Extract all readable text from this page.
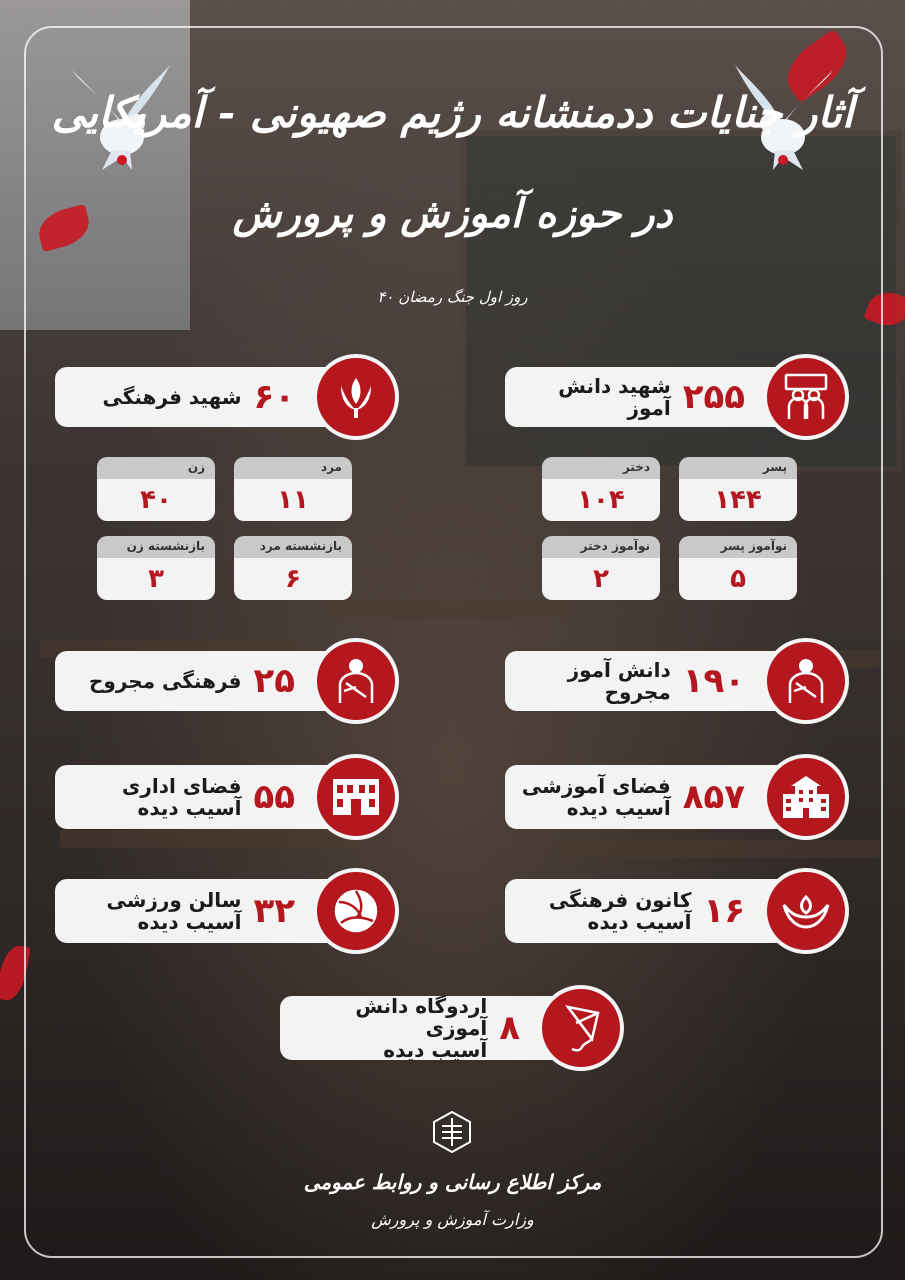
آثار جنایات ددمنشانه رژیم صهیونی - آمریکایی
در حوزه آموزش و پرورش
۴۰ روز اول جنگ رمضان
۲۵۵
شهید دانش آموز
۶۰
شهید فرهنگی
پسر
۱۴۴
دختر
۱۰۴
نوآموز پسر
۵
نوآموز دختر
۲
مرد
۱۱
زن
۴۰
بازنشسته مرد
۶
بازنشسته زن
۳
۱۹۰
دانش آموز مجروح
۲۵
فرهنگی مجروح
۸۵۷
فضای آموزشی
آسیب دیده
۵۵
فضای اداری
آسیب دیده
۱۶
کانون فرهنگی
آسیب دیده
۳۲
سالن ورزشی
آسیب دیده
۸
اردوگاه دانش آموزی
آسیب دیده
مرکز اطلاع رسانی و روابط عمومی
وزارت آموزش و پرورش
